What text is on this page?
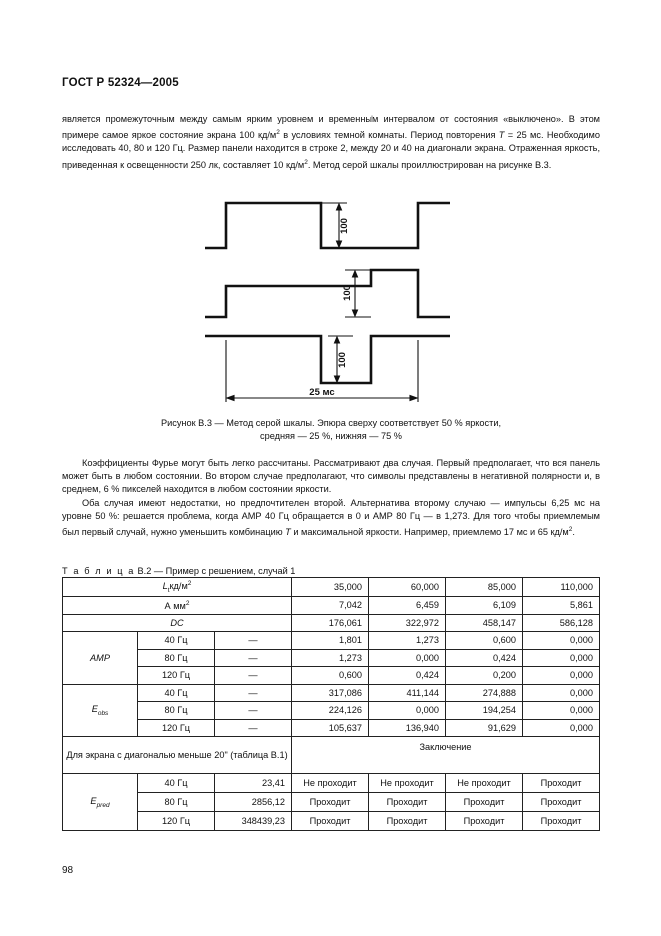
ГОСТ Р 52324—2005

является промежуточным между самым ярким уровнем и временны̍м интервалом от состояния «выключено». В этом примере самое яркое состояние экрана 100 $кд/м^2$ в условиях темной комнаты. Период повторения T = 25 мс. Необходимо исследовать 40, 80 и 120 Гц. Размер панели находится в строке 2, между 20 и 40 на диагонали экрана. Отраженная яркость, приведенная к освещенности 250 лк, составляет 10 $кд/м^2$. Метод серой шкалы проиллюстрирован на рисунке В.3.

100
100
100
25 мс
Рисунок В.3 — Метод серой шкалы. Эпюра сверху соответствует 50 % яркости,
средняя — 25 %, нижняя — 75 %

Коэффициенты Фурье могут быть легко рассчитаны. Рассматривают два случая. Первый предполагает, что вся панель может быть в любом состоянии. Во втором случае предполагают, что символы представлены в негативной полярности и, в среднем, 6 % пикселей находится в любом состоянии яркости.

Оба случая имеют недостатки, но предпочтителен второй. Альтернатива второму случаю — импульсы 6,25 мс на уровне 50 %: решается проблема, когда АМР 40 Гц обращается в 0 и АМР 80 Гц — в 1,273. Для того чтобы приемлемым был первый случай, нужно уменьшить комбинацию T и максимальной яркости. Например, приемлемо 17 мс и 65 $кд/м^2$.

Т а б л и ц а В.2 — Пример с решением, случай 1
$L_tкд/м^2$			35,000	60,000	85,000	110,000
А $мм^2$			7,042	6,459	6,109	5,861
DC			176,061	322,972	458,147	586,128
AMP	40 Гц	—	1,801	1,273	0,600	0,000
	80 Гц	—	1,273	0,000	0,424	0,000
	120 Гц	—	0,600	0,424	0,200	0,000
$E_{obs}$	40 Гц	—	317,086	411,144	274,888	0,000
	80 Гц	—	224,126	0,000	194,254	0,000
	120 Гц	—	105,637	136,940	91,629	0,000
Для экрана с диагональю меньше 20" (таблица В.1)			Заключение			
$E_{pred}$	40 Гц	23,41	Не проходит	Не проходит	Не проходит	Проходит
	80 Гц	2856,12	Проходит	Проходит	Проходит	Проходит
	120 Гц	348439,23	Проходит	Проходит	Проходит	Проходит
98
